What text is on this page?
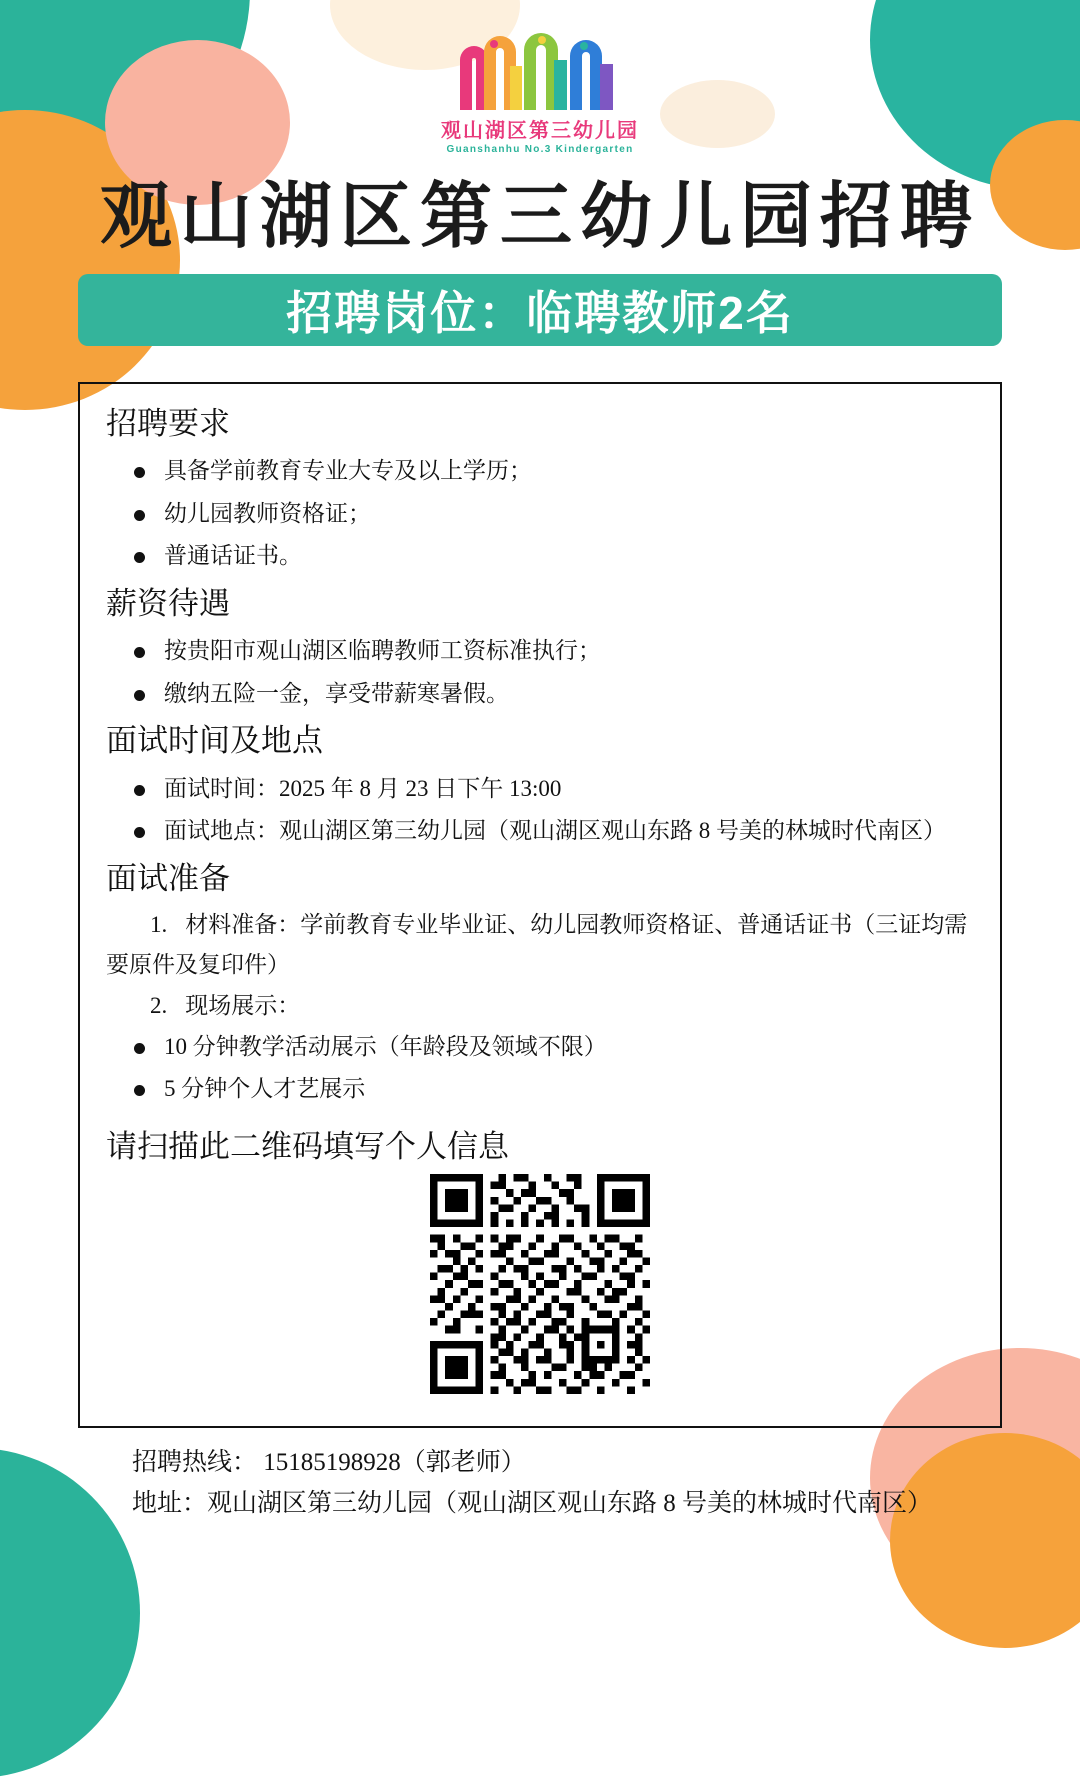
观山湖区第三幼儿园
Guanshanhu No.3 Kindergarten
观山湖区第三幼儿园招聘
招聘岗位：临聘教师2名
招聘要求
具备学前教育专业大专及以上学历；
幼儿园教师资格证；
普通话证书。
薪资待遇
按贵阳市观山湖区临聘教师工资标准执行；
缴纳五险一金，享受带薪寒暑假。
面试时间及地点
面试时间：2025 年 8 月 23 日下午 13:00
面试地点：观山湖区第三幼儿园（观山湖区观山东路 8 号美的林城时代南区）
面试准备
1. 材料准备：学前教育专业毕业证、幼儿园教师资格证、普通话证书（三证均需要原件及复印件）
2. 现场展示：
10 分钟教学活动展示（年龄段及领域不限）
5 分钟个人才艺展示
请扫描此二维码填写个人信息
招聘热线： 15185198928（郭老师）
地址：观山湖区第三幼儿园（观山湖区观山东路 8 号美的林城时代南区）
